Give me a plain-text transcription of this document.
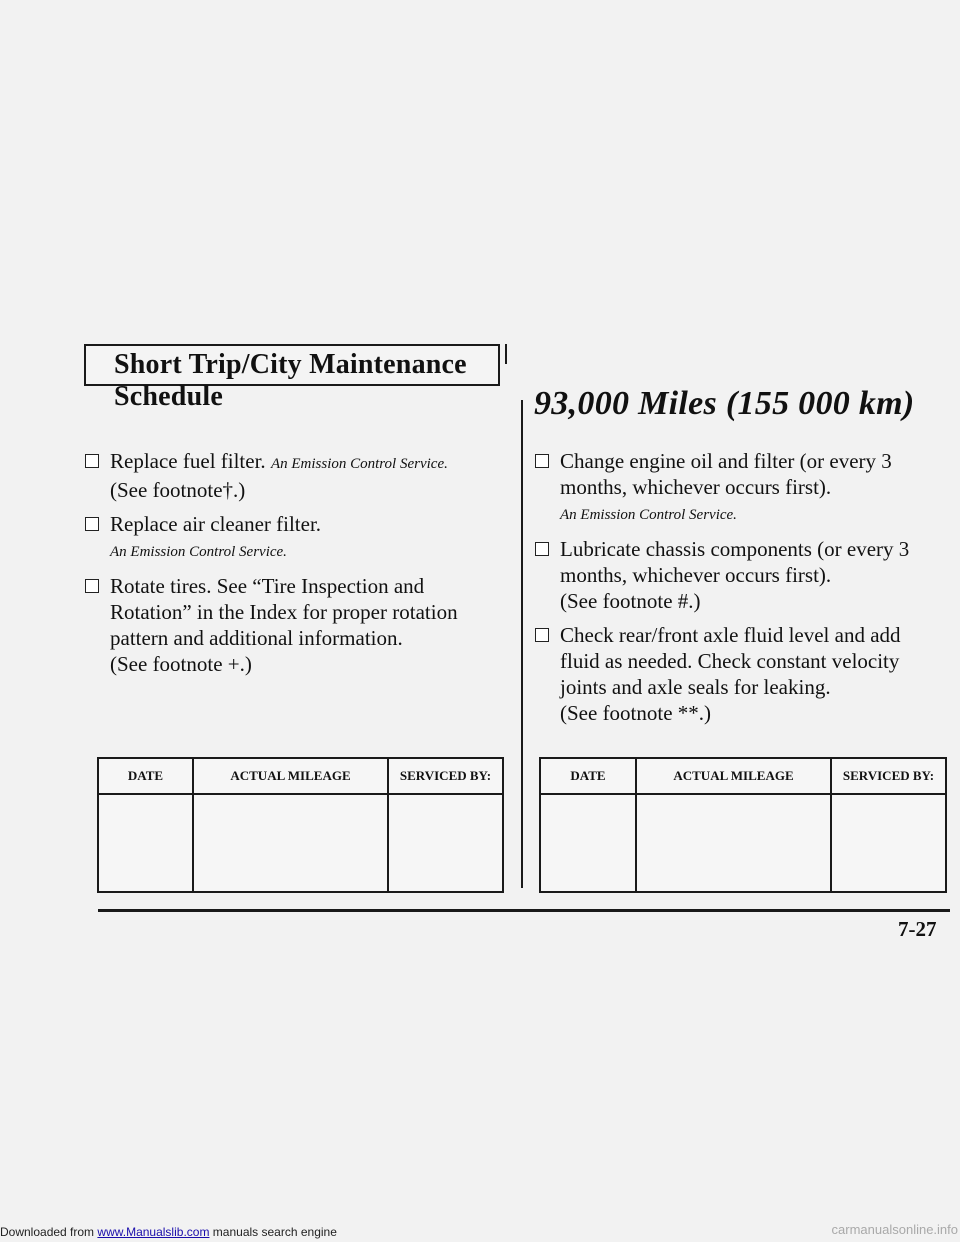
Short Trip/City Maintenance Schedule
Replace fuel filter. An Emission Control Service.
(See footnote†.)
Replace air cleaner filter.
An Emission Control Service.
Rotate tires. See “Tire Inspection and Rotation” in the Index for proper rotation pattern and additional information.
(See footnote +.)
93,000 Miles (155 000 km)
Change engine oil and filter (or every 3 months, whichever occurs first).
An Emission Control Service.
Lubricate chassis components (or every 3 months, whichever occurs first).
(See footnote #.)
Check rear/front axle fluid level and add fluid as needed. Check constant velocity joints and axle seals for leaking.
(See footnote **.)
DATE	ACTUAL MILEAGE	SERVICED BY:
			DATE	ACTUAL MILEAGE	SERVICED BY:

7-27
Downloaded from www.Manualslib.com manuals search engine	carmanualsonline.info
